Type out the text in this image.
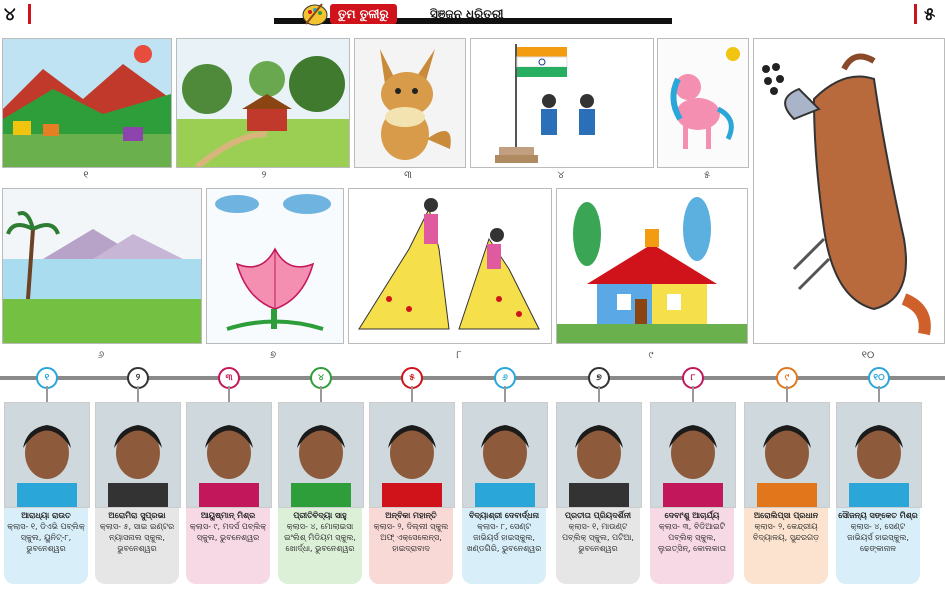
୪	ତୁମ ତୁଳୀରୁ	ସିଞ୍ଜୁନ ଧରିତ୍ରୀ	୫
୧	୨	୩	୪	୫
୧୦
୬	୭	୮	୯
୧
ଆରାଧ୍ୟା ରାଉତ
କ୍ଲାସ- ୧, ଡିଏଭି ପବ୍ଲିକ୍ ସ୍କୁଲ, ୟୁନିଟ୍-୮, ଭୁବନେଶ୍ୱର
୨
ଅରୋମିରା ସୁପ୍ରଭା
କ୍ଲାସ- ୫, ସାଇ ଇଣ୍ଟର ନ୍ୟାସନାଲ ସ୍କୁଲ, ଭୁବନେଶ୍ୱର
୩
ଆୟୁଷ୍ମାନ୍ ମିଶ୍ର
କ୍ଲାସ- ୯, ମଦର୍ସ ପବ୍ଲିକ୍ ସ୍କୁଲ, ଭୁବନେଶ୍ୱର
୪
ପ୍ରୀତିବିଦ୍ୟା ସାହୁ
କ୍ଲାସ- ୪, ମୋଲାଇସା ଇଂଲିଶ୍ ମିଡିୟମ ସ୍କୁଲ, ଖୋର୍ଦ୍ଧା, ଭୁବନେଶ୍ୱର
୫
ଅନ୍ବିକା ମହାନ୍ତି
କ୍ଲାସ- ୨, ଦିଲ୍ଲୀ ସ୍କୁଲ ଅଫ୍ ଏକ୍ସେଲେନ୍ସ, ହାଇଦ୍ରାବାଦ
୬
ବିଦ୍ୟାଶ୍ରୀ ଦେବାର୍ଦ୍ଧନା
କ୍ଲାସ- ୮, ସେଣ୍ଟ ଜାଭିୟର୍ସ ହାଇସ୍କୁଲ, ଖଣ୍ଡଗିରି, ଭୁବନେଶ୍ୱର
୭
ପ୍ରତୀତା ପ୍ରିୟଦର୍ଶିନୀ
କ୍ଲାସ- ୧, ମାଉଣ୍ଟ ପବ୍ଲିକ୍ ସ୍କୁଲ, ପଟିଆ, ଭୁବନେଶ୍ୱର
୮
ଦେବାଂଶୁ ଆଚାର୍ଯ୍ୟ
କ୍ଲାସ- ୩, ବିଡିଆଇଟି ପବ୍ଲିକ୍ ସ୍କୁଲ, ଲୁଇତ୍ସିନ୍, କୋଲକାତା
୯
ଅରୋଲିପ୍ସା ପ୍ରଧାନ
କ୍ଲାସ- ୨, କେନ୍ଦ୍ରୀୟ ବିଦ୍ୟାଳୟ, ସୁନ୍ଦରଗଡ଼
୧୦
ସୌଜନ୍ୟ ସଙ୍କେତ ମିଶ୍ର
କ୍ଲାସ- ୪, ସେଣ୍ଟ ଜାଭିୟର୍ସ ହାଇସ୍କୁଲ, ଢେଙ୍କାନାଳ
